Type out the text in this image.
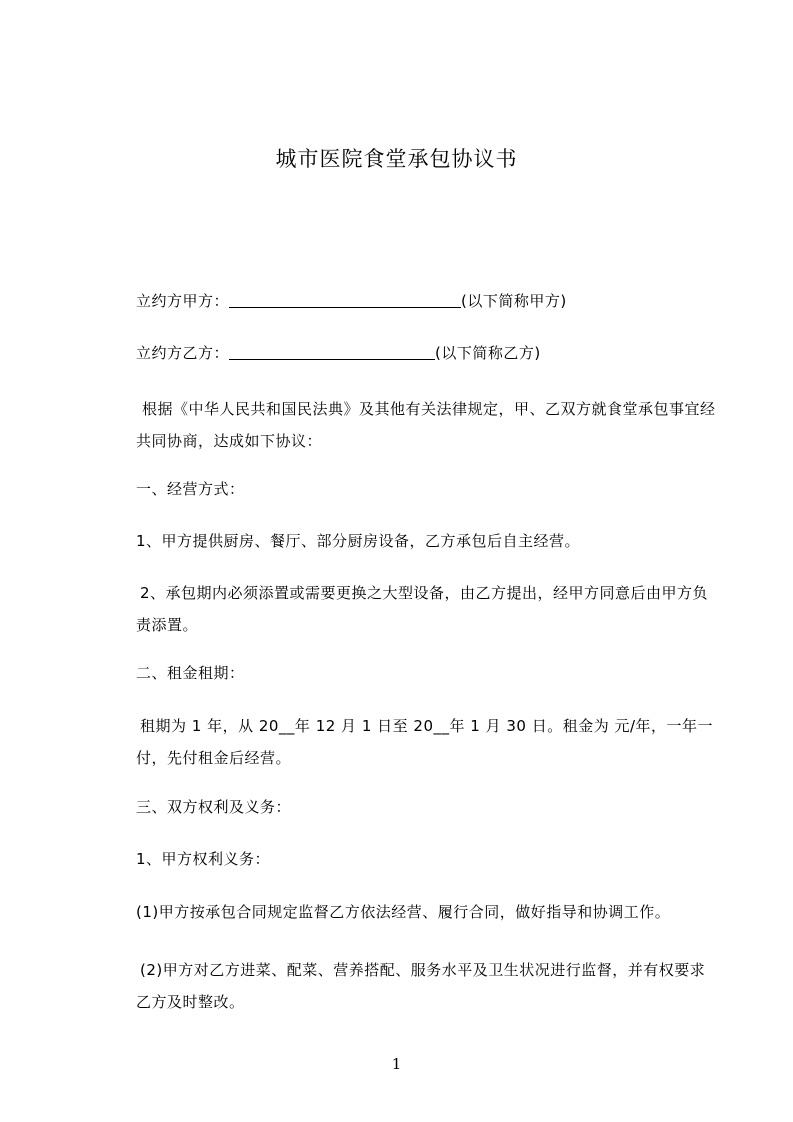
城市医院食堂承包协议书
立约方甲方：	(以下简称甲方)
立约方乙方：	(以下简称乙方)
根据《中华人民共和国民法典》及其他有关法律规定，甲、乙双方就食堂承包事宜经共同协商，达成如下协议：
一、经营方式：
1、甲方提供厨房、餐厅、部分厨房设备，乙方承包后自主经营。
2、承包期内必须添置或需要更换之大型设备，由乙方提出，经甲方同意后由甲方负责添置。
二、租金租期：
租期为 1 年，从 20__年 12 月 1 日至 20__年 1 月 30 日。租金为 元/年，一年一付，先付租金后经营。
三、双方权利及义务：
1、甲方权利义务：
(1)甲方按承包合同规定监督乙方依法经营、履行合同，做好指导和协调工作。
(2)甲方对乙方进菜、配菜、营养搭配、服务水平及卫生状况进行监督，并有权要求乙方及时整改。
1
